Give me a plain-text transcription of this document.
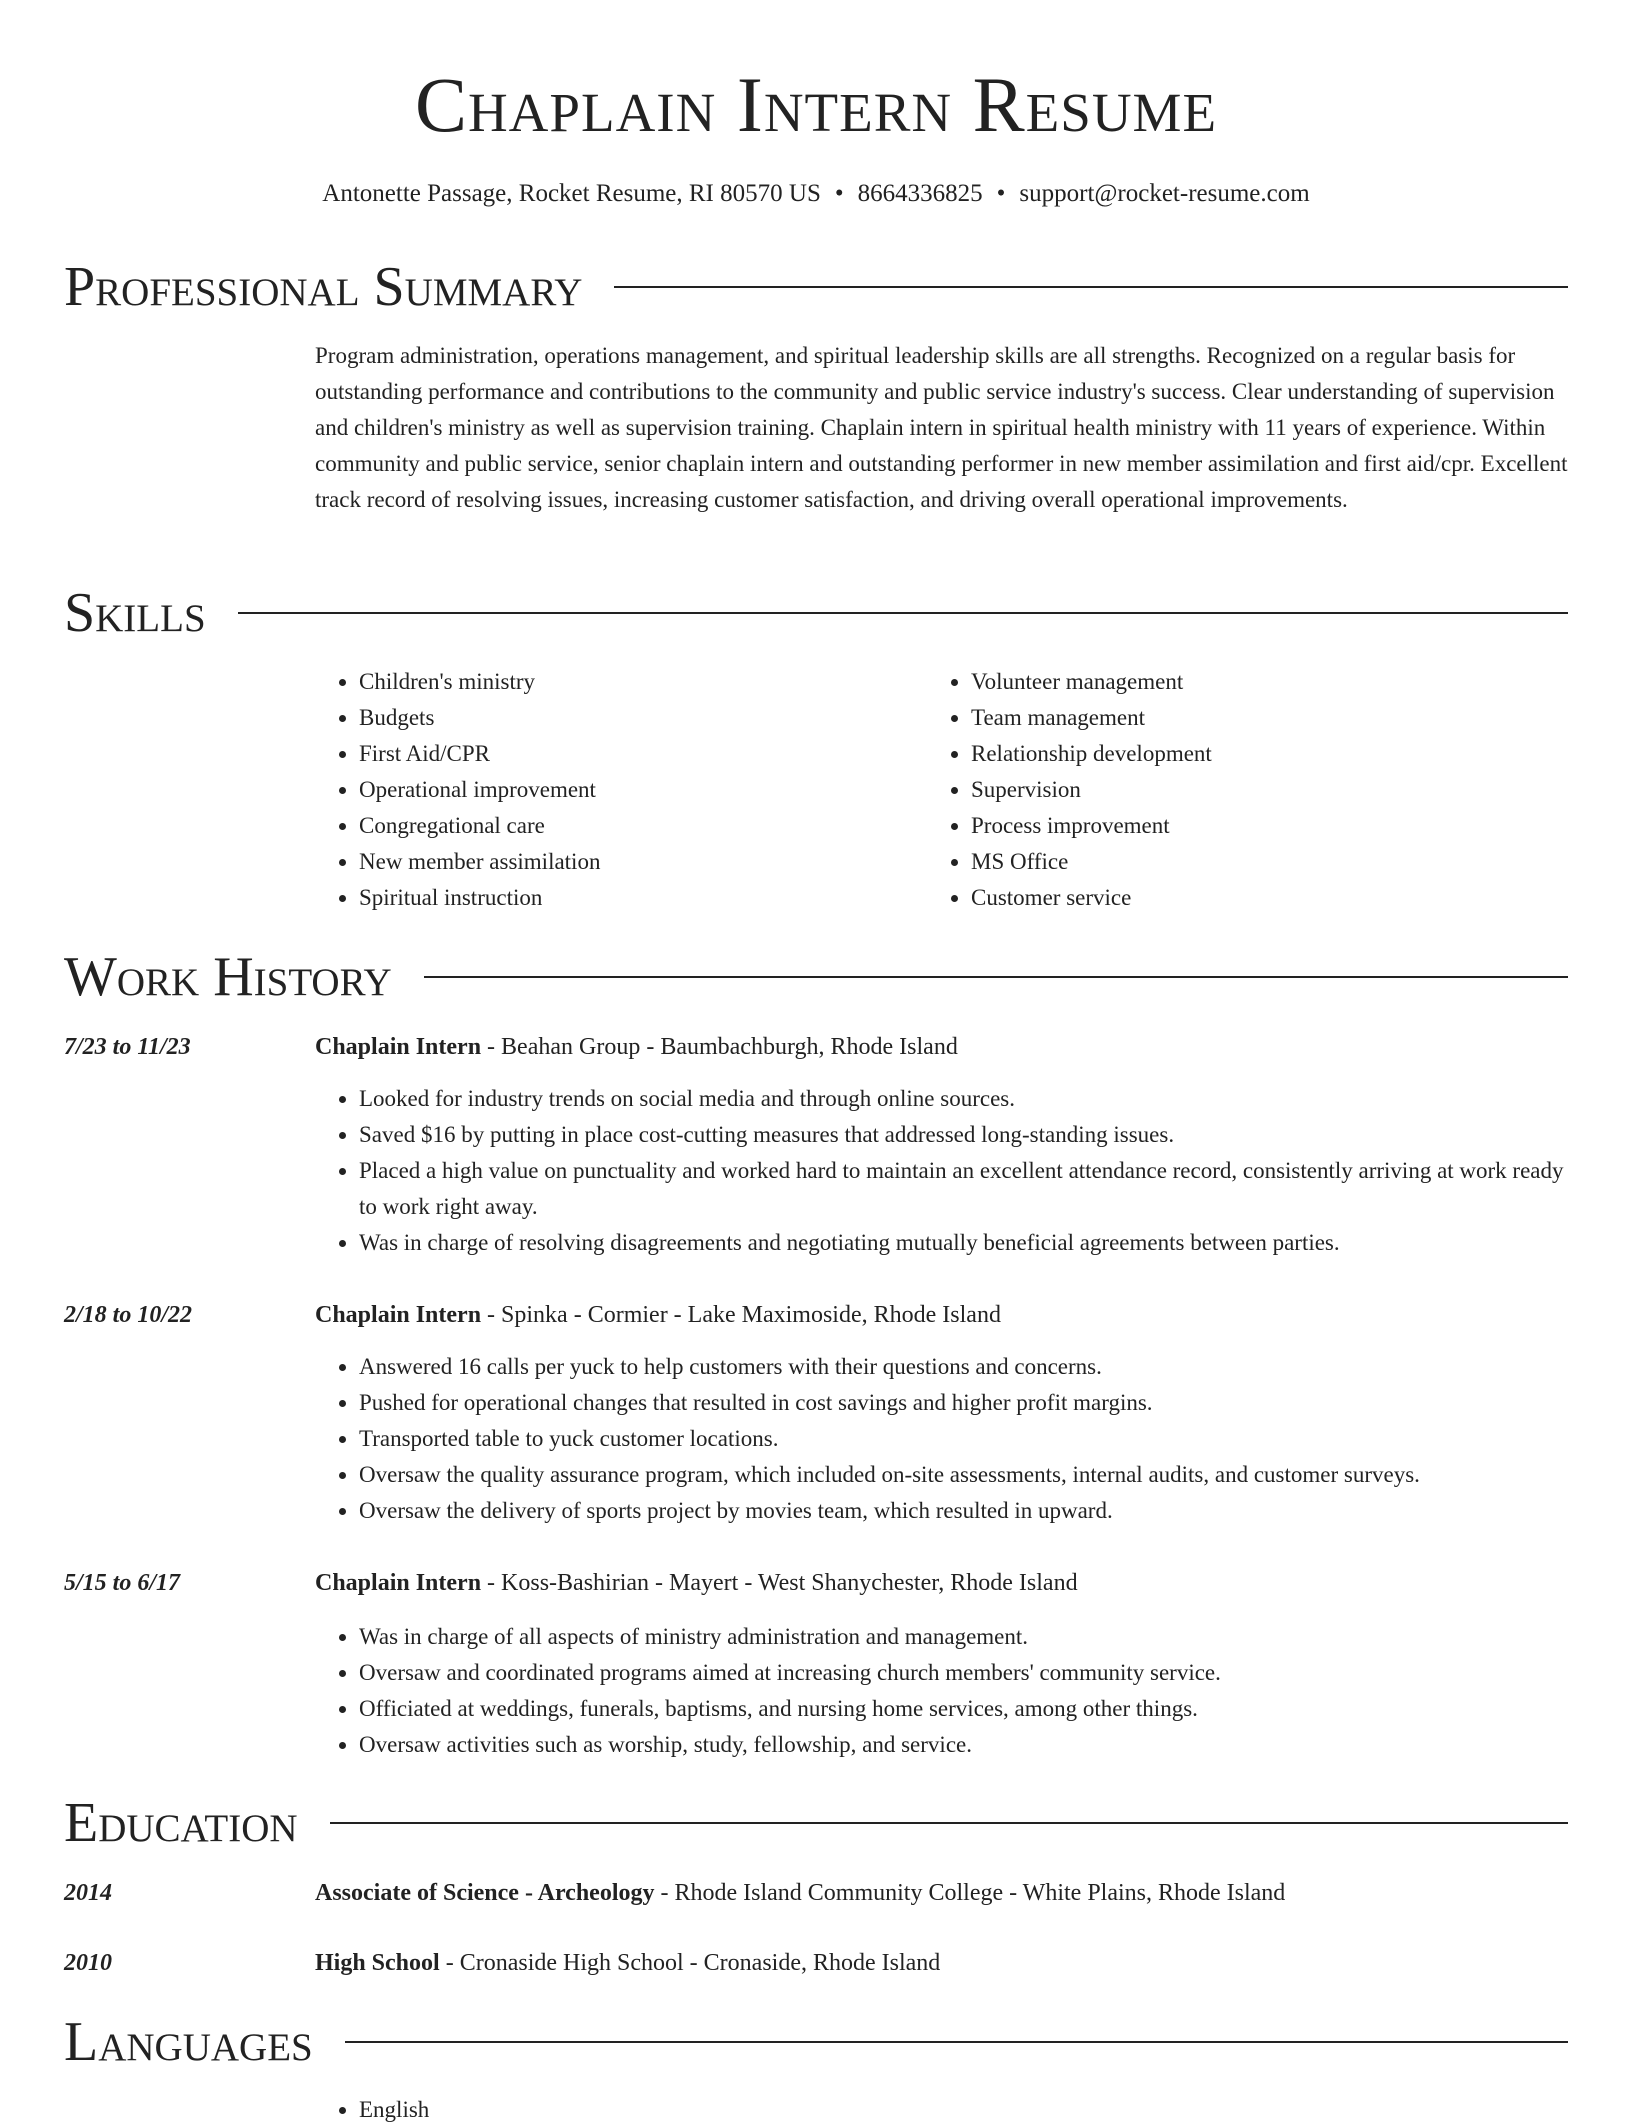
Chaplain Intern Resume
Antonette Passage, Rocket Resume, RI 80570 US • 8664336825 • support@rocket-resume.com
Professional Summary
Program administration, operations management, and spiritual leadership skills are all strengths. Recognized on a regular basis for outstanding performance and contributions to the community and public service industry's success. Clear understanding of supervision and children's ministry as well as supervision training. Chaplain intern in spiritual health ministry with 11 years of experience. Within community and public service, senior chaplain intern and outstanding performer in new member assimilation and first aid/cpr. Excellent track record of resolving issues, increasing customer satisfaction, and driving overall operational improvements.
Skills
• Children's ministry
• Budgets
• First Aid/CPR
• Operational improvement
• Congregational care
• New member assimilation
• Spiritual instruction
• Volunteer management
• Team management
• Relationship development
• Supervision
• Process improvement
• MS Office
• Customer service
Work History
7/23 to 11/23	Chaplain Intern - Beahan Group - Baumbachburgh, Rhode Island
• Looked for industry trends on social media and through online sources.
• Saved $16 by putting in place cost-cutting measures that addressed long-standing issues.
• Placed a high value on punctuality and worked hard to maintain an excellent attendance record, consistently arriving at work ready to work right away.
• Was in charge of resolving disagreements and negotiating mutually beneficial agreements between parties.
2/18 to 10/22	Chaplain Intern - Spinka - Cormier - Lake Maximoside, Rhode Island
• Answered 16 calls per yuck to help customers with their questions and concerns.
• Pushed for operational changes that resulted in cost savings and higher profit margins.
• Transported table to yuck customer locations.
• Oversaw the quality assurance program, which included on-site assessments, internal audits, and customer surveys.
• Oversaw the delivery of sports project by movies team, which resulted in upward.
5/15 to 6/17	Chaplain Intern - Koss-Bashirian - Mayert - West Shanychester, Rhode Island
• Was in charge of all aspects of ministry administration and management.
• Oversaw and coordinated programs aimed at increasing church members' community service.
• Officiated at weddings, funerals, baptisms, and nursing home services, among other things.
• Oversaw activities such as worship, study, fellowship, and service.
Education
2014	Associate of Science - Archeology - Rhode Island Community College - White Plains, Rhode Island
2010	High School - Cronaside High School - Cronaside, Rhode Island
Languages
• English
